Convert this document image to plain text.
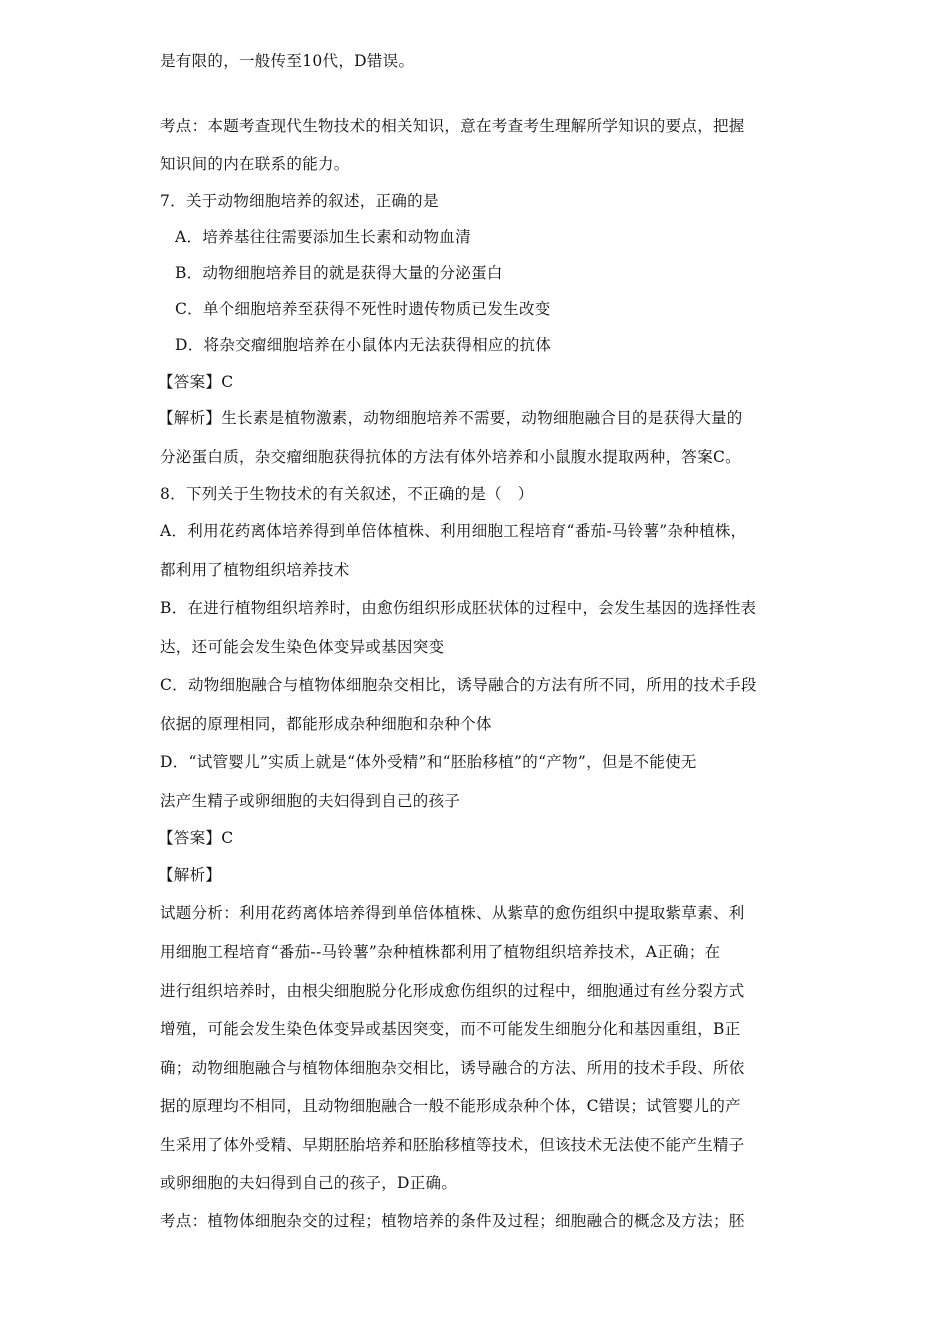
是有限的，一般传至10代，D错误。
考点：本题考查现代生物技术的相关知识，意在考查考生理解所学知识的要点，把握
知识间的内在联系的能力。
7．关于动物细胞培养的叙述，正确的是
A．培养基往往需要添加生长素和动物血清
B．动物细胞培养目的就是获得大量的分泌蛋白
C．单个细胞培养至获得不死性时遗传物质已发生改变
D．将杂交瘤细胞培养在小鼠体内无法获得相应的抗体
【答案】C
【解析】生长素是植物激素，动物细胞培养不需要，动物细胞融合目的是获得大量的
分泌蛋白质，杂交瘤细胞获得抗体的方法有体外培养和小鼠腹水提取两种，答案C。
8．下列关于生物技术的有关叙述，不正确的是（　）
A．利用花药离体培养得到单倍体植株、利用细胞工程培育“番茄-马铃薯”杂种植株，
都利用了植物组织培养技术
B．在进行植物组织培养时，由愈伤组织形成胚状体的过程中，会发生基因的选择性表
达，还可能会发生染色体变异或基因突变
C．动物细胞融合与植物体细胞杂交相比，诱导融合的方法有所不同，所用的技术手段
依据的原理相同，都能形成杂种细胞和杂种个体
D．“试管婴儿”实质上就是“体外受精”和“胚胎移植”的“产物”，但是不能使无
法产生精子或卵细胞的夫妇得到自己的孩子
【答案】C
【解析】
试题分析：利用花药离体培养得到单倍体植株、从紫草的愈伤组织中提取紫草素、利
用细胞工程培育“番茄--马铃薯”杂种植株都利用了植物组织培养技术，A正确；在
进行组织培养时，由根尖细胞脱分化形成愈伤组织的过程中，细胞通过有丝分裂方式
增殖，可能会发生染色体变异或基因突变，而不可能发生细胞分化和基因重组，B正
确；动物细胞融合与植物体细胞杂交相比，诱导融合的方法、所用的技术手段、所依
据的原理均不相同，且动物细胞融合一般不能形成杂种个体，C错误；试管婴儿的产
生采用了体外受精、早期胚胎培养和胚胎移植等技术，但该技术无法使不能产生精子
或卵细胞的夫妇得到自己的孩子，D正确。
考点：植物体细胞杂交的过程；植物培养的条件及过程；细胞融合的概念及方法；胚
